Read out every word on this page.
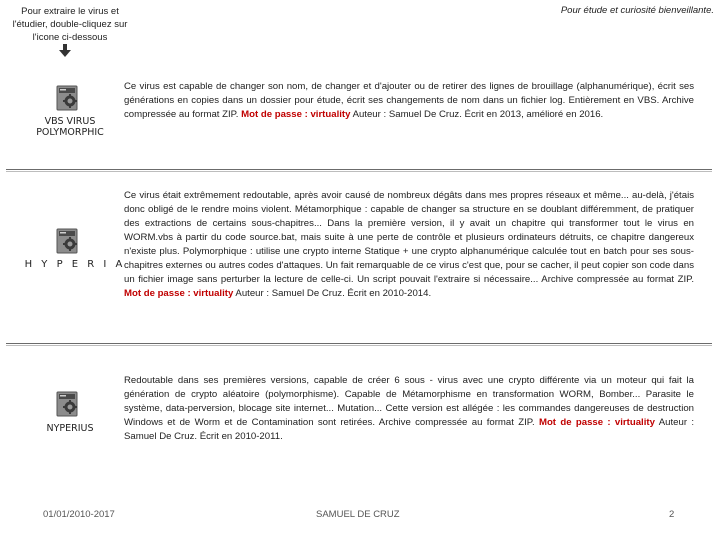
Pour extraire le virus et
l'étudier, double-cliquez sur
l'icone ci-dessous
Pour étude et curiosité bienveillante.
VBS VIRUS
POLYMORPHIC
Ce virus est capable de changer son nom, de changer et d'ajouter ou de retirer des lignes de brouillage (alphanumérique), écrit ses générations en copies dans un dossier pour étude, écrit ses changements de nom dans un fichier log. Entièrement en VBS. Archive compressée au format ZIP. Mot de passe : virtuality Auteur : Samuel De Cruz. Écrit en 2013, amélioré en 2016.
H Y P E R I A
Ce virus était extrêmement redoutable, après avoir causé de nombreux dégâts dans mes propres réseaux et même... au-delà, j'étais donc obligé de le rendre moins violent. Métamorphique : capable de changer sa structure en se doublant différemment, de pratiquer des extractions de certains sous-chapitres... Dans la première version, il y avait un chapitre qui transformer tout le virus en WORM.vbs à partir du code source.bat, mais suite à une perte de contrôle et plusieurs ordinateurs détruits, ce chapitre dangereux n'existe plus. Polymorphique : utilise une crypto interne Statique + une crypto alphanumérique calculée tout en batch pour ses sous-chapitres externes ou autres codes d'attaques. Un fait remarquable de ce virus c'est que, pour se cacher, il peut copier son code dans un fichier image sans perturber la lecture de celle-ci. Un script pouvait l'extraire si nécessaire... Archive compressée au format ZIP. Mot de passe : virtuality Auteur : Samuel De Cruz. Écrit en 2010-2014.
NYPERIUS
Redoutable dans ses premières versions, capable de créer 6 sous - virus avec une crypto différente via un moteur qui fait la génération de crypto aléatoire (polymorphisme). Capable de Métamorphisme en transformation WORM, Bomber... Parasite le système, data-perversion, blocage site internet... Mutation... Cette version est allégée : les commandes dangereuses de destruction Windows et de Worm et de Contamination sont retirées. Archive compressée au format ZIP. Mot de passe : virtuality Auteur : Samuel De Cruz. Écrit en 2010-2011.
01/01/2010-2017	SAMUEL DE CRUZ	2
